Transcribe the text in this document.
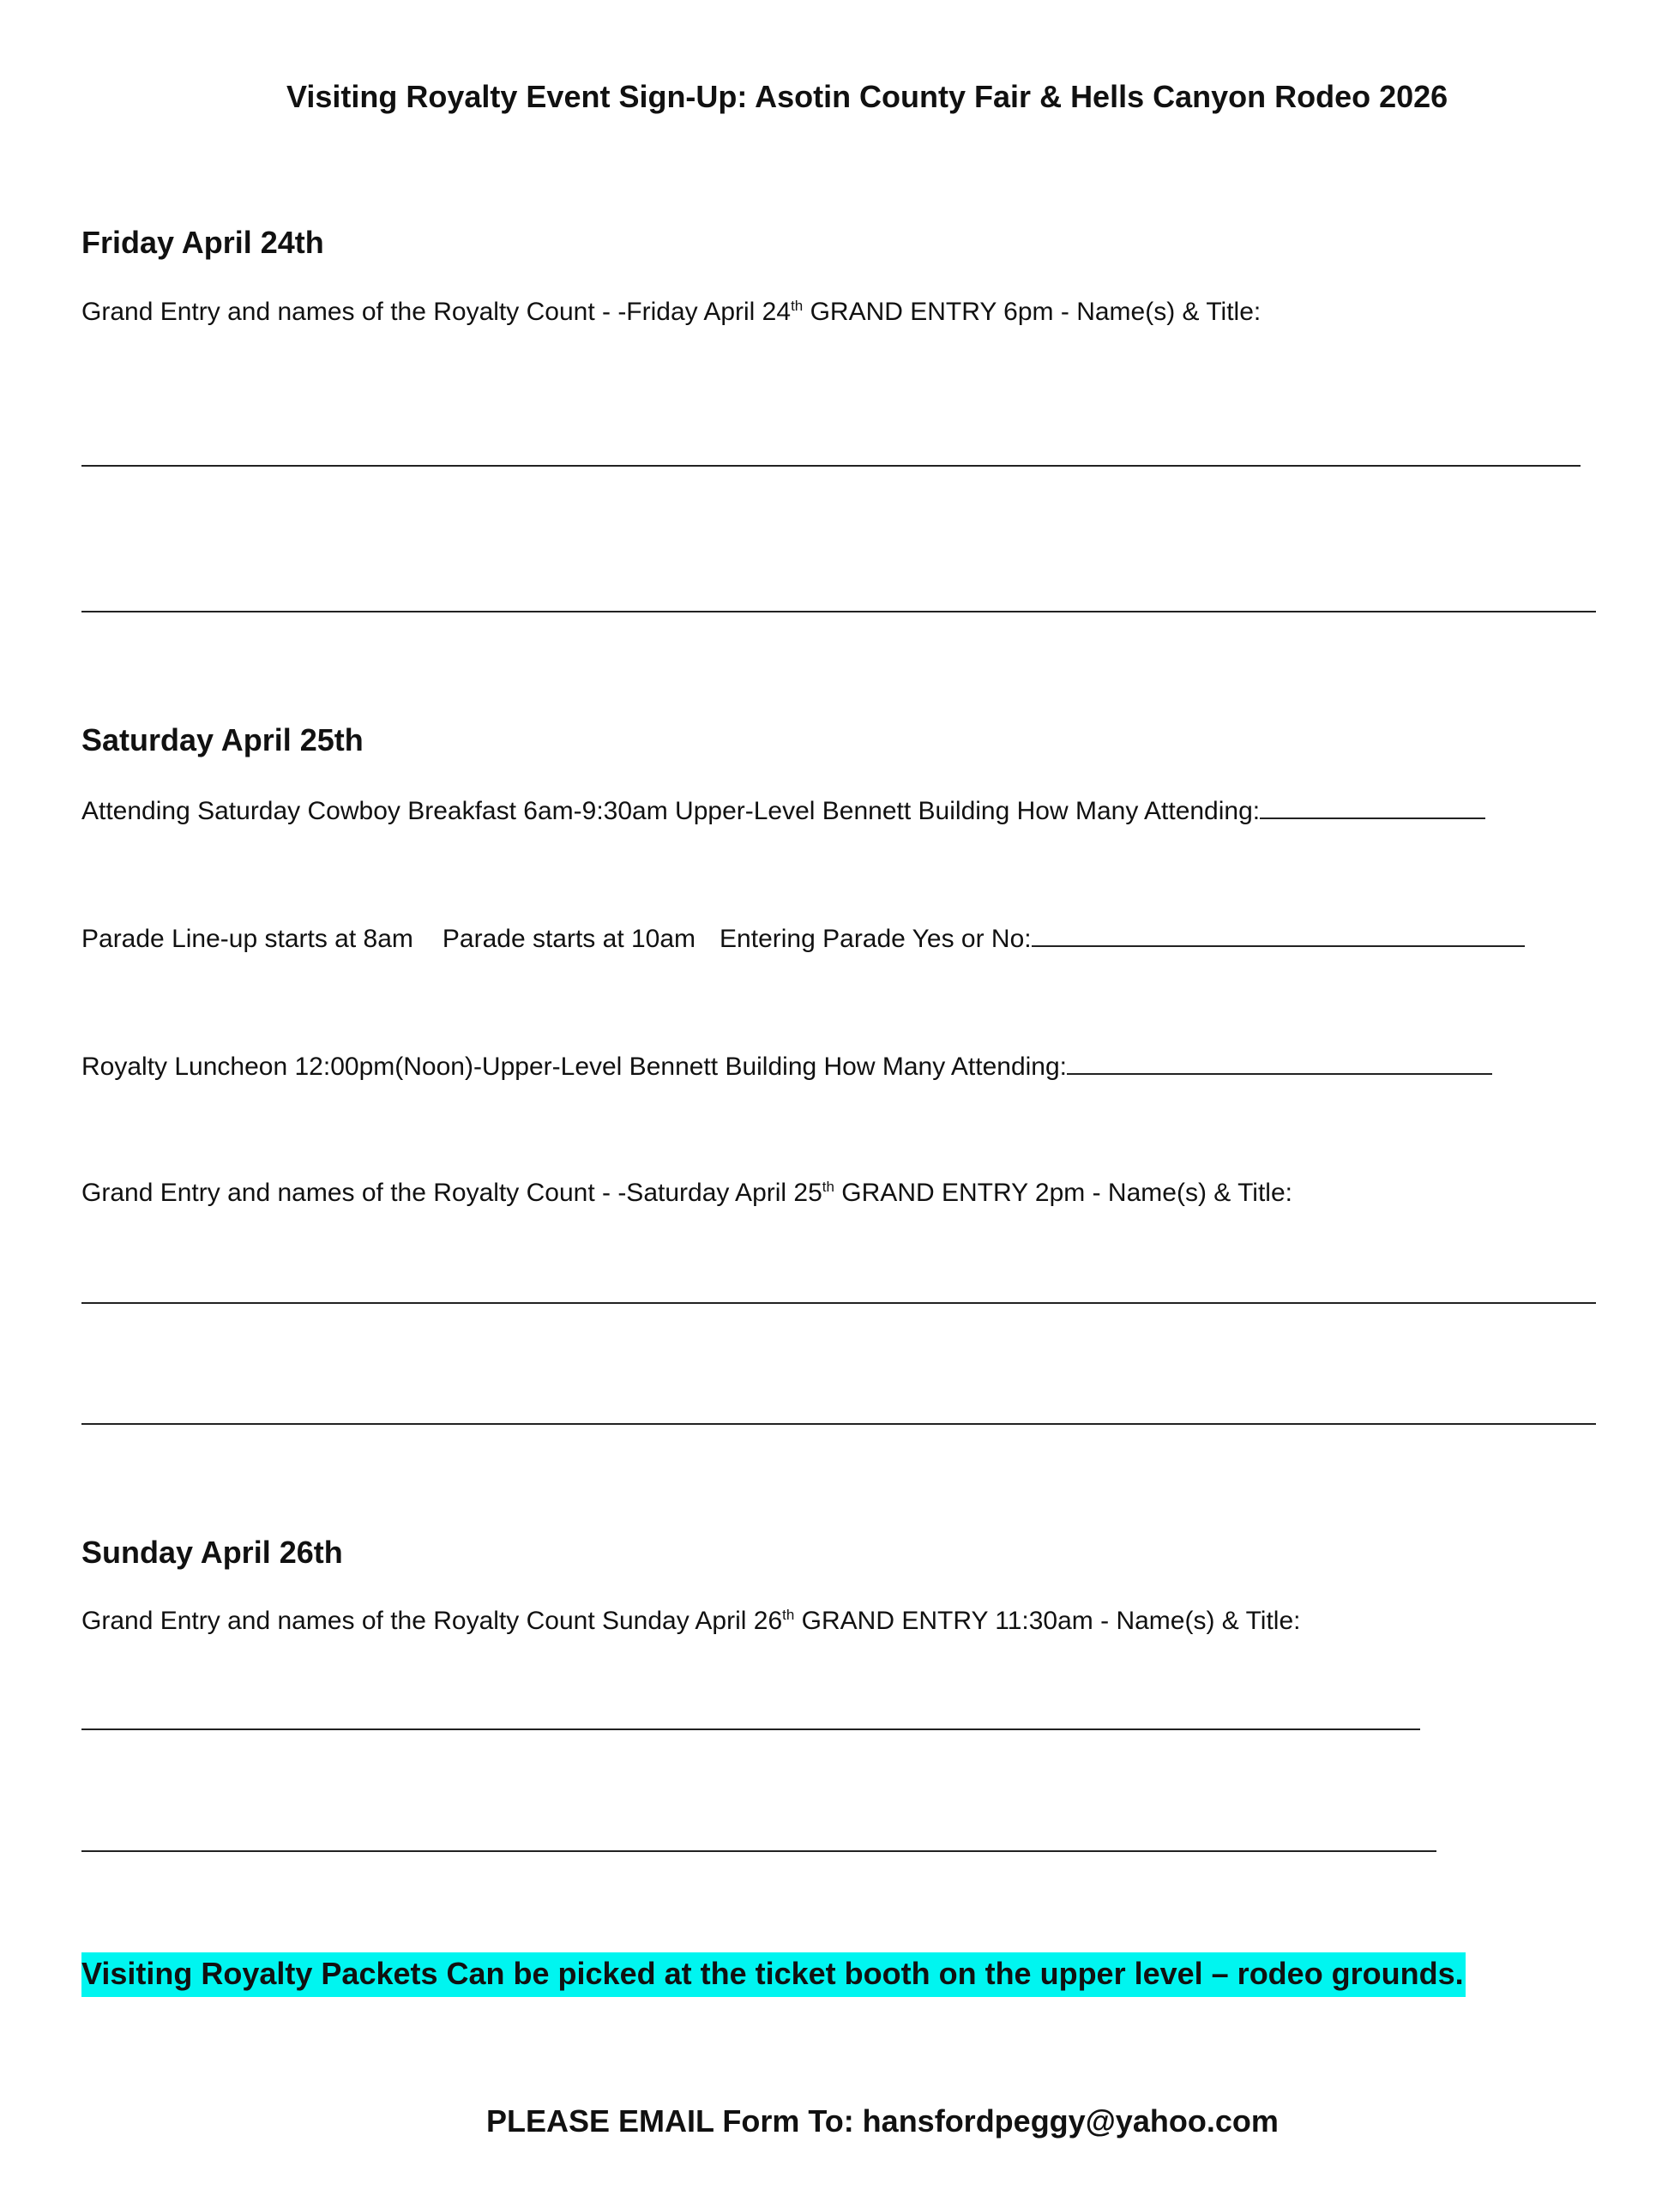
Visiting Royalty Event Sign-Up: Asotin County Fair & Hells Canyon Rodeo 2026
Friday April 24th
Grand Entry and names of the Royalty Count - -Friday April 24th GRAND ENTRY 6pm - Name(s) & Title:
Saturday April 25th
Attending Saturday Cowboy Breakfast 6am-9:30am Upper-Level Bennett Building How Many Attending:
Parade Line-up starts at 8am Parade starts at 10am Entering Parade Yes or No:
Royalty Luncheon 12:00pm(Noon)-Upper-Level Bennett Building How Many Attending:
Grand Entry and names of the Royalty Count - -Saturday April 25th GRAND ENTRY 2pm - Name(s) & Title:
Sunday April 26th
Grand Entry and names of the Royalty Count Sunday April 26th GRAND ENTRY 11:30am - Name(s) & Title:
Visiting Royalty Packets Can be picked at the ticket booth on the upper level – rodeo grounds.
PLEASE EMAIL Form To: hansfordpeggy@yahoo.com
